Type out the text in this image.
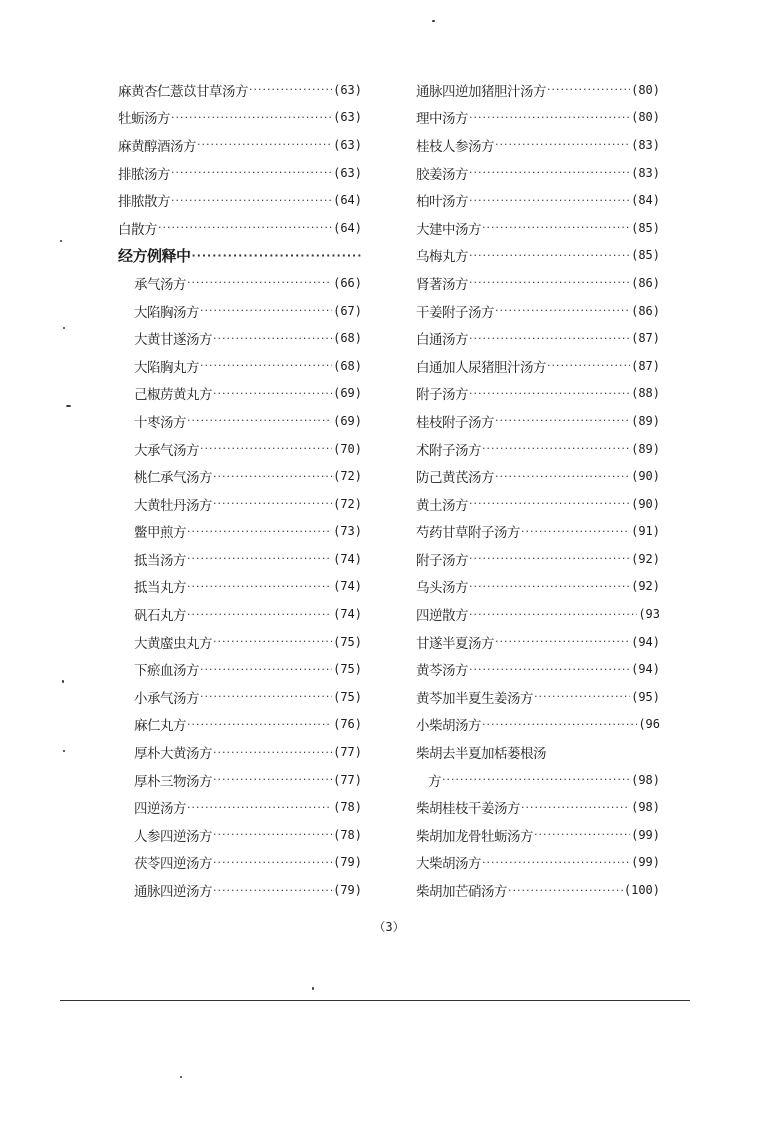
麻黄杏仁薏苡甘草汤方 ·····	(63)
牡蛎汤方 ·····	(63)
麻黄醇酒汤方 ·····	(63)
排脓汤方 ·····	(63)
排脓散方 ·····	(64)
白散方 ·····	(64)
经方例释中
·····
承气汤方 ·····	(66)
大陷胸汤方 ·····	(67)
大黄甘遂汤方 ·····	(68)
大陷胸丸方 ·····	(68)
己椒苈黄丸方 ·····	(69)
十枣汤方 ·····	(69)
大承气汤方 ·····	(70)
桃仁承气汤方 ·····	(72)
大黄牡丹汤方 ·····	(72)
鳖甲煎方 ·····	(73)
抵当汤方 ·····	(74)
抵当丸方 ·····	(74)
矾石丸方 ·····	(74)
大黄䗪虫丸方 ·····	(75)
下瘀血汤方 ·····	(75)
小承气汤方 ·····	(75)
麻仁丸方 ·····	(76)
厚朴大黄汤方 ·····	(77)
厚朴三物汤方 ·····	(77)
四逆汤方 ·····	(78)
人参四逆汤方 ·····	(78)
茯苓四逆汤方 ·····	(79)
通脉四逆汤方 ·····	(79)
通脉四逆加猪胆汁汤方 ·····	(80)
理中汤方 ·····	(80)
桂枝人参汤方 ·····	(83)
胶姜汤方 ·····	(83)
柏叶汤方 ·····	(84)
大建中汤方 ·····	(85)
乌梅丸方 ·····	(85)
肾著汤方 ·····	(86)
干姜附子汤方 ·····	(86)
白通汤方 ·····	(87)
白通加人尿猪胆汁汤方 ·····	(87)
附子汤方 ·····	(88)
桂枝附子汤方 ·····	(89)
术附子汤方 ·····	(89)
防己黄芪汤方 ·····	(90)
黄土汤方 ·····	(90)
芍药甘草附子汤方 ·····	(91)
附子汤方 ·····	(92)
乌头汤方 ·····	(92)
四逆散方 ·····	(93
甘遂半夏汤方 ·····	(94)
黄芩汤方 ·····	(94)
黄芩加半夏生姜汤方 ·····	(95)
小柴胡汤方 ·····	(96
柴胡去半夏加栝蒌根汤
方 ·····	(98)
柴胡桂枝干姜汤方 ·····	(98)
柴胡加龙骨牡蛎汤方 ·····	(99)
大柴胡汤方 ·····	(99)
柴胡加芒硝汤方 ·····	(100)
（3）
